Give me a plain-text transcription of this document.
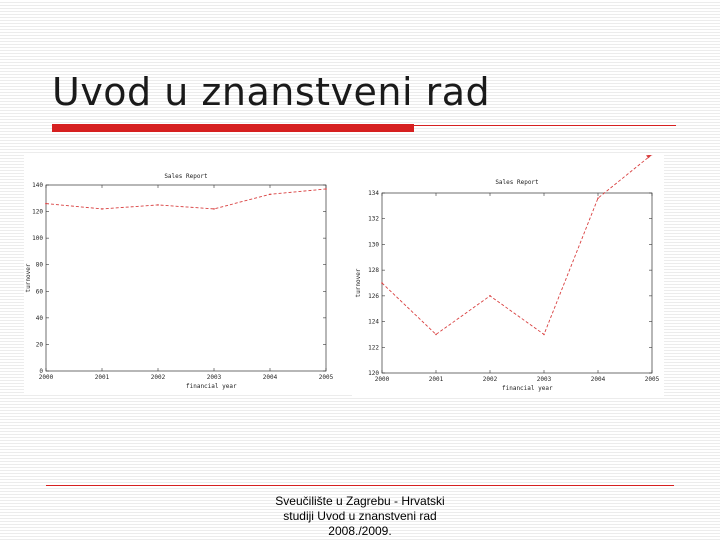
Uvod u znanstveni rad
Sales Report
0
20
40
60
80
100
120
140
2000	2001	2002	2003	2004	2005
financial year
turnover
Sales Report
120
122
124
126
128
130
132
134
2000	2001	2002	2003	2004	2005
financial year
turnover
Sveučilište u Zagrebu - Hrvatski
studiji Uvod u znanstveni rad
2008./2009.
